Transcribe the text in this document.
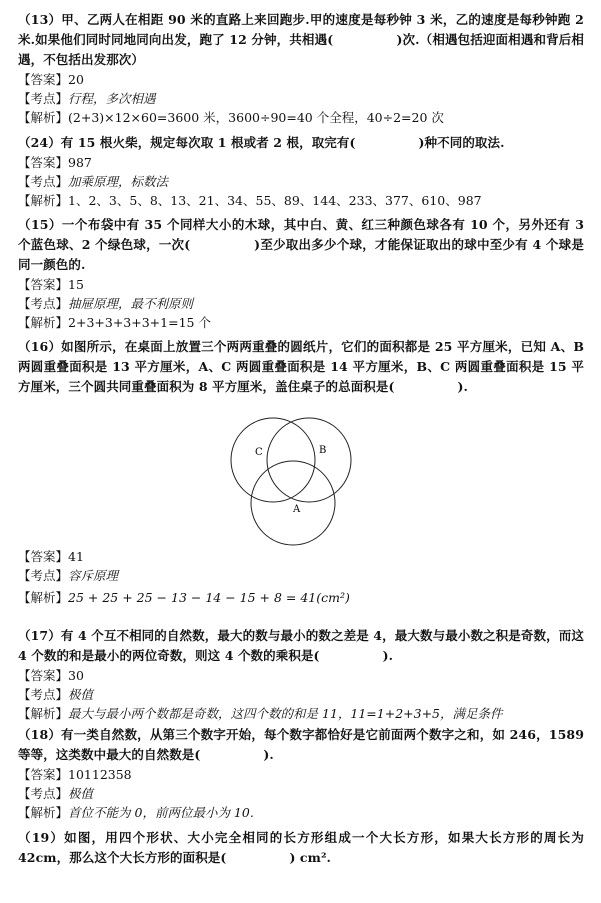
（13）甲、乙两人在相距 90 米的直路上来回跑步.甲的速度是每秒钟 3 米，乙的速度是每秒钟跑 2 米.如果他们同时同地同向出发，跑了 12 分钟，共相遇(　　　　　)次.（相遇包括迎面相遇和背后相遇，不包括出发那次）

【答案】20

【考点】行程，多次相遇

【解析】(2+3)×12×60=3600 米，3600÷90=40 个全程，40÷2=20 次

（24）有 15 根火柴，规定每次取 1 根或者 2 根，取完有(　　　　　)种不同的取法.

【答案】987

【考点】加乘原理，标数法

【解析】1、2、3、5、8、13、21、34、55、89、144、233、377、610、987

（15）一个布袋中有 35 个同样大小的木球，其中白、黄、红三种颜色球各有 10 个，另外还有 3 个蓝色球、2 个绿色球，一次(　　　　　)至少取出多少个球，才能保证取出的球中至少有 4 个球是同一颜色的.

【答案】15

【考点】抽屉原理，最不利原则

【解析】2+3+3+3+3+1=15 个

（16）如图所示，在桌面上放置三个两两重叠的圆纸片，它们的面积都是 25 平方厘米，已知 A、B 两圆重叠面积是 13 平方厘米，A、C 两圆重叠面积是 14 平方厘米，B、C 两圆重叠面积是 15 平方厘米，三个圆共同重叠面积为 8 平方厘米，盖住桌子的总面积是(　　　　　).

C	B
A

【答案】41

【考点】容斥原理

【解析】25 + 25 + 25 − 13 − 14 − 15 + 8 = 41(cm²)

（17）有 4 个互不相同的自然数，最大的数与最小的数之差是 4，最大数与最小数之积是奇数，而这 4 个数的和是最小的两位奇数，则这 4 个数的乘积是(　　　　　).

【答案】30

【考点】极值

【解析】最大与最小两个数都是奇数，这四个数的和是 11，11=1+2+3+5，满足条件

（18）有一类自然数，从第三个数字开始，每个数字都恰好是它前面两个数字之和，如 246，1589 等等，这类数中最大的自然数是(　　　　　).

【答案】10112358

【考点】极值

【解析】首位不能为 0，前两位最小为 10.

（19）如图，用四个形状、大小完全相同的长方形组成一个大长方形，如果大长方形的周长为 42cm，那么这个大长方形的面积是(　　　　　) cm².
